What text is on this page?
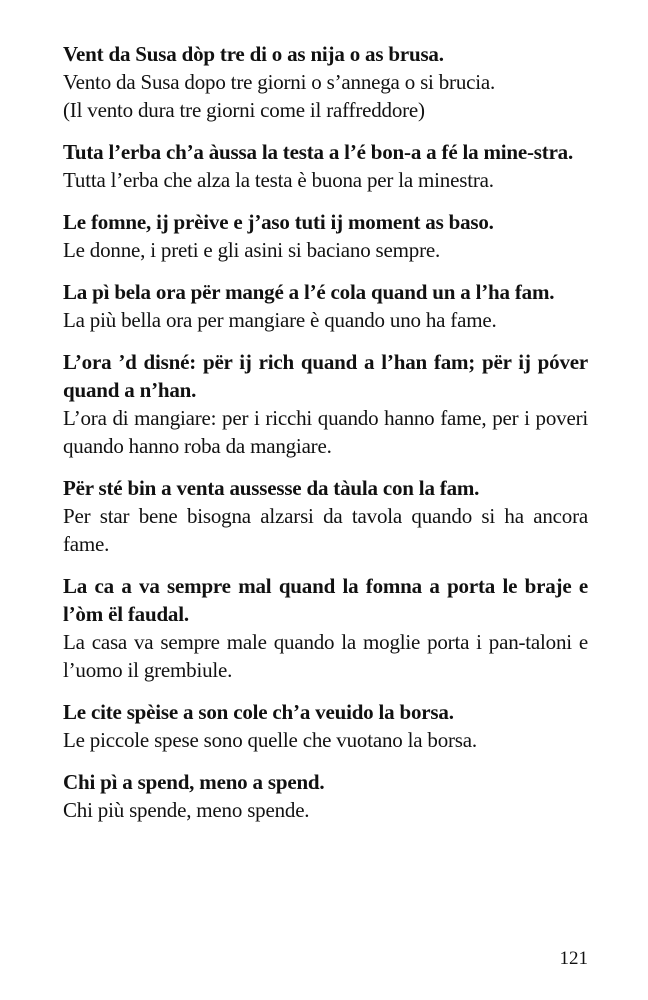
Vent da Susa dòp tre di o as nija o as brusa.

Vento da Susa dopo tre giorni o s’annega o si brucia.

(Il vento dura tre giorni come il raffreddore)

Tuta l’erba ch’a àussa la testa a l’é bon-a a fé la mine-stra.

Tutta l’erba che alza la testa è buona per la minestra.

Le fomne, ij prèive e j’aso tuti ij moment as baso.

Le donne, i preti e gli asini si baciano sempre.

La pì bela ora për mangé a l’é cola quand un a l’ha fam.

La più bella ora per mangiare è quando uno ha fame.

L’ora ’d disné: për ij rich quand a l’han fam; për ij póver quand a n’han.

L’ora di mangiare: per i ricchi quando hanno fame, per i poveri quando hanno roba da mangiare.

Për sté bin a venta aussesse da tàula con la fam.

Per star bene bisogna alzarsi da tavola quando si ha ancora fame.

La ca a va sempre mal quand la fomna a porta le braje e l’òm ël faudal.

La casa va sempre male quando la moglie porta i pan-taloni e l’uomo il grembiule.

Le cite spèise a son cole ch’a veuido la borsa.

Le piccole spese sono quelle che vuotano la borsa.

Chi pì a spend, meno a spend.

Chi più spende, meno spende.

121
